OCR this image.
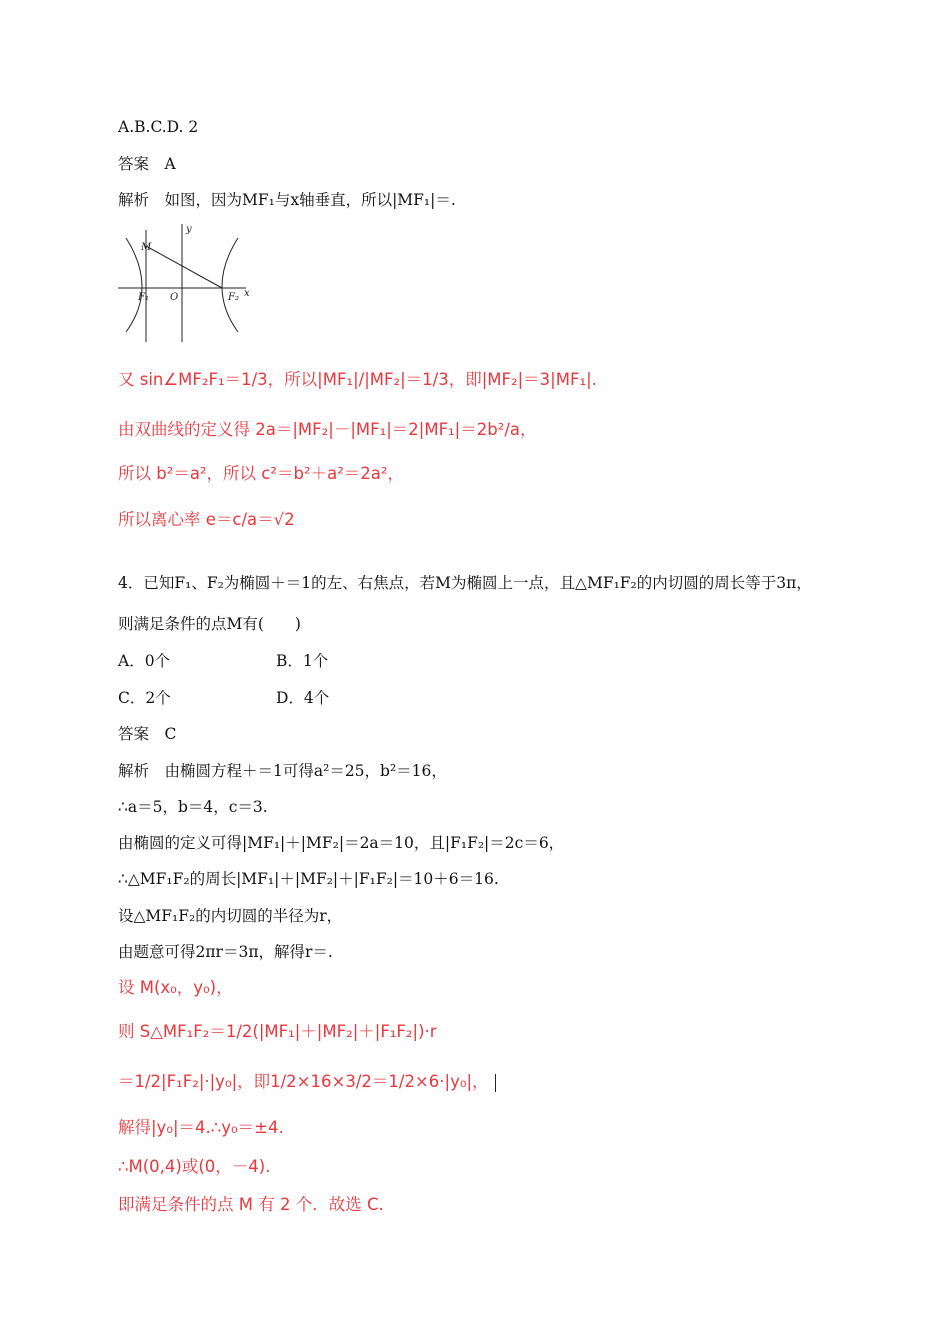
A.B.C.D. 2
答案　A
解析　如图，因为MF₁与x轴垂直，所以|MF₁|＝.
M
F₁ O	F₂ x
y
又 sin∠MF₂F₁＝1/3，所以|MF₁|/|MF₂|＝1/3，即|MF₂|＝3|MF₁|.
由双曲线的定义得 2a＝|MF₂|－|MF₁|＝2|MF₁|＝2b²/a，
所以 b²＝a²，所以 c²＝b²＋a²＝2a²，
所以离心率 e＝c/a＝√2
4．已知F₁、F₂为椭圆＋＝1的左、右焦点，若M为椭圆上一点，且△MF₁F₂的内切圆的周长等于3π，
则满足条件的点M有(　　)
A．0个	B．1个
C．2个	D．4个
答案　C
解析　由椭圆方程＋＝1可得a²＝25，b²＝16，
∴a＝5，b＝4，c＝3.
由椭圆的定义可得|MF₁|＋|MF₂|＝2a＝10，且|F₁F₂|＝2c＝6，
∴△MF₁F₂的周长|MF₁|＋|MF₂|＋|F₁F₂|＝10＋6＝16.
设△MF₁F₂的内切圆的半径为r，
由题意可得2πr＝3π，解得r＝.
设 M(x₀，y₀)，
则 S△MF₁F₂＝1/2(|MF₁|＋|MF₂|＋|F₁F₂|)·r
＝1/2|F₁F₂|·|y₀|，即1/2×16×3/2＝1/2×6·|y₀|，
解得|y₀|＝4.∴y₀＝±4.
∴M(0,4)或(0，－4).
即满足条件的点 M 有 2 个．故选 C.
